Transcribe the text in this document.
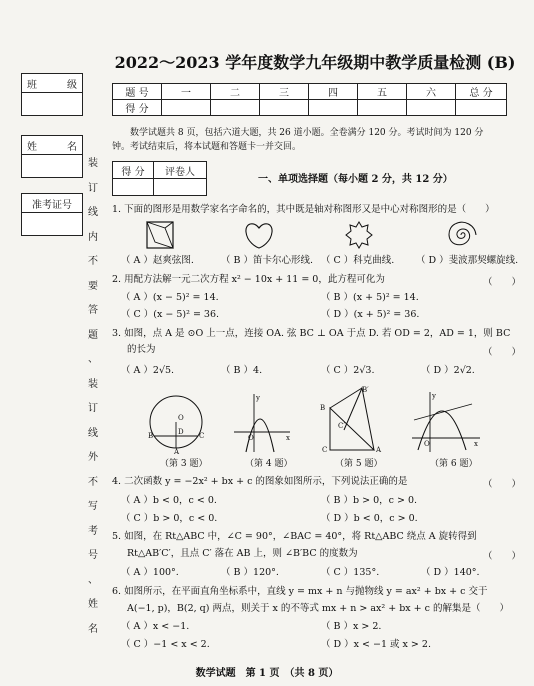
班	级
姓	名
准考证号
装
订
线
内
不
要
答
题
、
装
订
线
外
不
写
考
号
、
姓
名
2022～2023 学年度数学九年级期中教学质量检测 (B)
题 号	一	二	三	四	五	六	总 分
得 分							
数学试题共 8 页，包括六道大题，共 26 道小题。全卷满分 120 分。考试时间为 120 分
钟。考试结束后，将本试题和答题卡一并交回。
得 分	评卷人

一、单项选择题（每小题 2 分，共 12 分）
1. 下面的图形是用数学家名字命名的，其中既是轴对称图形又是中心对称图形的是（　　）
（ A ）赵爽弦图.	（ B ）笛卡尔心形线. （ C ）科克曲线. （ D ）斐波那契螺旋线.
2. 用配方法解一元二次方程 x² − 10x + 11 = 0，此方程可化为	（　　）
（ A ）(x − 5)² = 14.	（ B ）(x + 5)² = 14.
（ C ）(x − 5)² = 36.	（ D ）(x + 5)² = 36.
3. 如图，点 A 是 ⊙O 上一点，连接 OA. 弦 BC ⊥ OA 于点 D. 若 OD = 2，AD = 1，则 BC
的长为	（　　）
（ A ）2√5.	（ B ）4.	（ C ）2√3.	（ D ）2√2.
O
D
A
B	C
y
x
O
B
B′
C′
C	A
y
x
O
（第 3 题）	（第 4 题）	（第 5 题）	（第 6 题）
4. 二次函数 y = −2x² + bx + c 的图象如图所示，下列说法正确的是	（　　）
（ A ）b < 0，c < 0.	（ B ）b > 0，c > 0.
（ C ）b > 0，c < 0.	（ D ）b < 0，c > 0.
5. 如图，在 Rt△ABC 中，∠C = 90°，∠BAC = 40°，将 Rt△ABC 绕点 A 旋转得到
Rt△AB′C′，且点 C′ 落在 AB 上，则 ∠B′BC 的度数为	（　　）
（ A ）100°.	（ B ）120°.	（ C ）135°.	（ D ）140°.
6. 如图所示，在平面直角坐标系中，直线 y = mx + n 与抛物线 y = ax² + bx + c 交于
A(−1, p)，B(2, q) 两点，则关于 x 的不等式 mx + n > ax² + bx + c 的解集是（　　）
（ A ）x < −1.	（ B ）x > 2.
（ C ）−1 < x < 2.	（ D ）x < −1 或 x > 2.
数学试题　第 1 页　（共 8 页）
